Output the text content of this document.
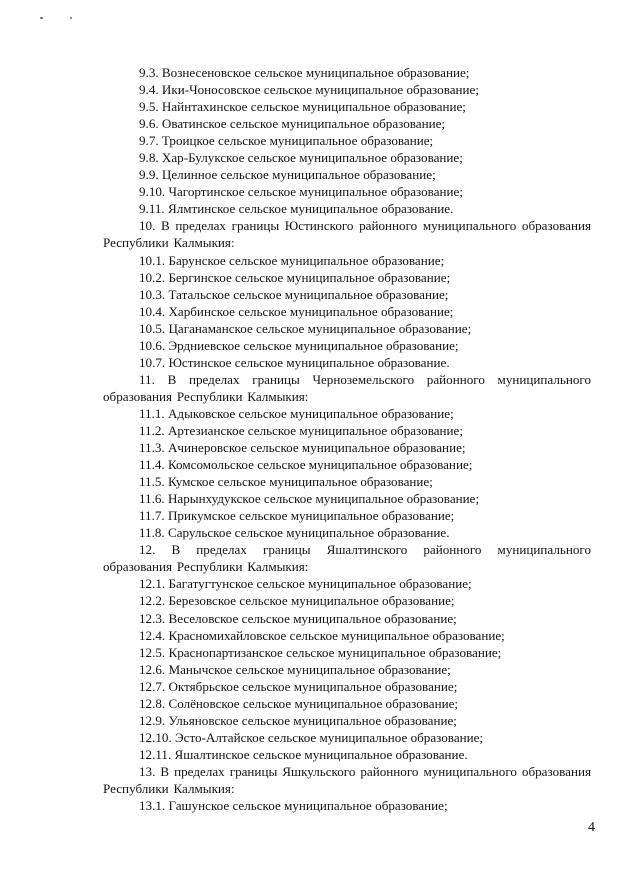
9.3. Вознесеновское сельское муниципальное образование;
9.4. Ики-Чоносовское сельское муниципальное образование;
9.5. Найнтахинское сельское муниципальное образование;
9.6. Оватинское сельское муниципальное образование;
9.7. Троицкое сельское муниципальное образование;
9.8. Хар-Булукское сельское муниципальное образование;
9.9. Целинное сельское муниципальное образование;
9.10. Чагортинское сельское муниципальное образование;
9.11. Ялмтинское сельское муниципальное образование.
10. В пределах границы Юстинского районного муниципального образования Республики Калмыкия:
10.1. Барунское сельское муниципальное образование;
10.2. Бергинское сельское муниципальное образование;
10.3. Татальское сельское муниципальное образование;
10.4. Харбинское сельское муниципальное образование;
10.5. Цаганаманское сельское муниципальное образование;
10.6. Эрдниевское сельское муниципальное образование;
10.7. Юстинское сельское муниципальное образование.
11. В пределах границы Черноземельского районного муниципального образования Республики Калмыкия:
11.1. Адыковское сельское муниципальное образование;
11.2. Артезианское сельское муниципальное образование;
11.3. Ачинеровское сельское муниципальное образование;
11.4. Комсомольское сельское муниципальное образование;
11.5. Кумское сельское муниципальное образование;
11.6. Нарынхудукское сельское муниципальное образование;
11.7. Прикумское сельское муниципальное образование;
11.8. Сарульское сельское муниципальное образование.
12. В пределах границы Яшалтинского районного муниципального образования Республики Калмыкия:
12.1. Багатугтунское сельское муниципальное образование;
12.2. Березовское сельское муниципальное образование;
12.3. Веселовское сельское муниципальное образование;
12.4. Красномихайловское сельское муниципальное образование;
12.5. Краснопартизанское сельское муниципальное образование;
12.6. Манычское сельское муниципальное образование;
12.7. Октябрьское сельское муниципальное образование;
12.8. Солёновское сельское муниципальное образование;
12.9. Ульяновское сельское муниципальное образование;
12.10. Эсто-Алтайское сельское муниципальное образование;
12.11. Яшалтинское сельское муниципальное образование.
13. В пределах границы Яшкульского районного муниципального образования Республики Калмыкия:
13.1. Гашунское сельское муниципальное образование;
4
